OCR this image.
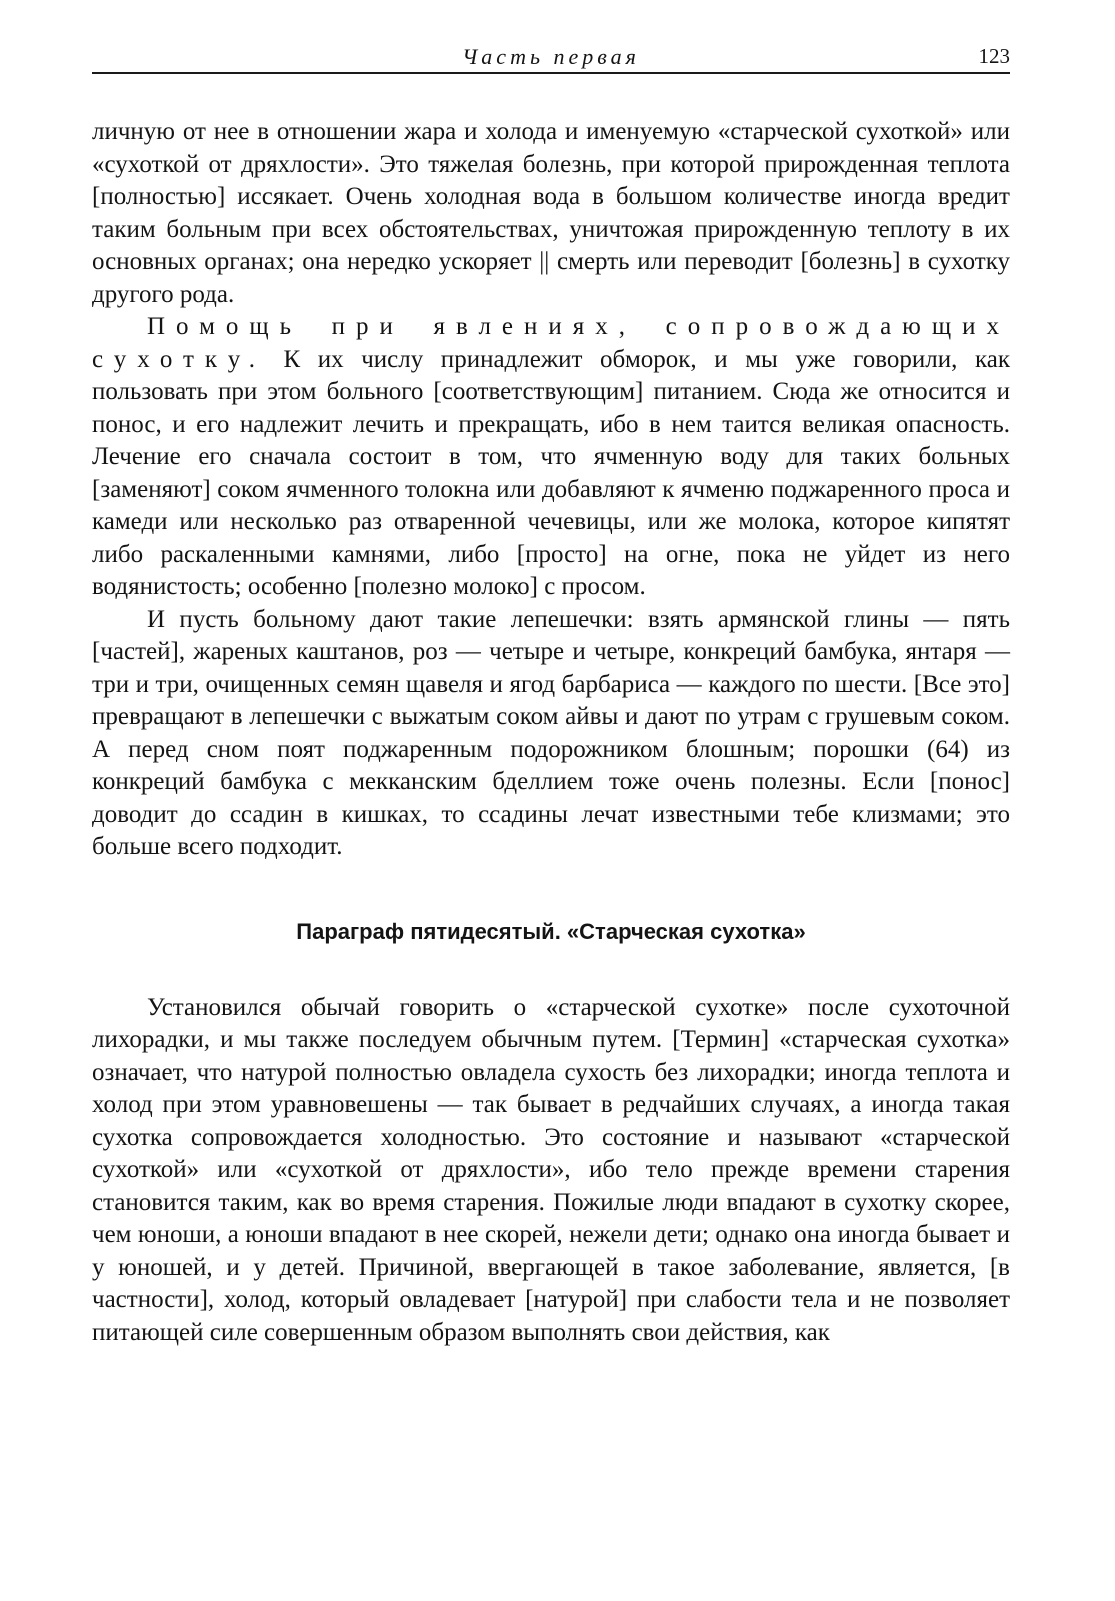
Часть первая	123

личную от нее в отношении жара и холода и именуемую «старческой сухоткой» или «сухоткой от дряхлости». Это тяжелая болезнь, при которой прирожденная теплота [полностью] иссякает. Очень холодная вода в большом количестве иногда вредит таким больным при всех обстоятельствах, уничтожая прирожденную теплоту в их основных органах; она нередко ускоряет || смерть или переводит [болезнь] в сухотку другого рода.

Помощь при явлениях, сопровождающих сухотку. К их числу принадлежит обморок, и мы уже говорили, как пользовать при этом больного [соответствующим] питанием. Сюда же относится и понос, и его надлежит лечить и прекращать, ибо в нем таится великая опасность. Лечение его сначала состоит в том, что ячменную воду для таких больных [заменяют] соком ячменного толокна или добавляют к ячменю поджаренного проса и камеди или несколько раз отваренной чечевицы, или же молока, которое кипятят либо раскаленными камнями, либо [просто] на огне, пока не уйдет из него водянистость; особенно [полезно молоко] с просом.

И пусть больному дают такие лепешечки: взять армянской глины — пять [частей], жареных каштанов, роз — четыре и четыре, конкреций бамбука, янтаря — три и три, очищенных семян щавеля и ягод барбариса — каждого по шести. [Все это] превращают в лепешечки с выжатым соком айвы и дают по утрам с грушевым соком. А перед сном поят поджаренным подорожником блошным; порошки (64) из конкреций бамбука с мекканским бделлием тоже очень полезны. Если [понос] доводит до ссадин в кишках, то ссадины лечат известными тебе клизмами; это больше всего подходит.

Параграф пятидесятый. «Старческая сухотка»

Установился обычай говорить о «старческой сухотке» после сухоточной лихорадки, и мы также последуем обычным путем. [Термин] «старческая сухотка» означает, что натурой полностью овладела сухость без лихорадки; иногда теплота и холод при этом уравновешены — так бывает в редчайших случаях, а иногда такая сухотка сопровождается холодностью. Это состояние и называют «старческой сухоткой» или «сухоткой от дряхлости», ибо тело прежде времени старения становится таким, как во время старения. Пожилые люди впадают в сухотку скорее, чем юноши, а юноши впадают в нее скорей, нежели дети; однако она иногда бывает и у юношей, и у детей. Причиной, ввергающей в такое заболевание, является, [в частности], холод, который овладевает [натурой] при слабости тела и не позволяет питающей силе совершенным образом выполнять свои действия, как
